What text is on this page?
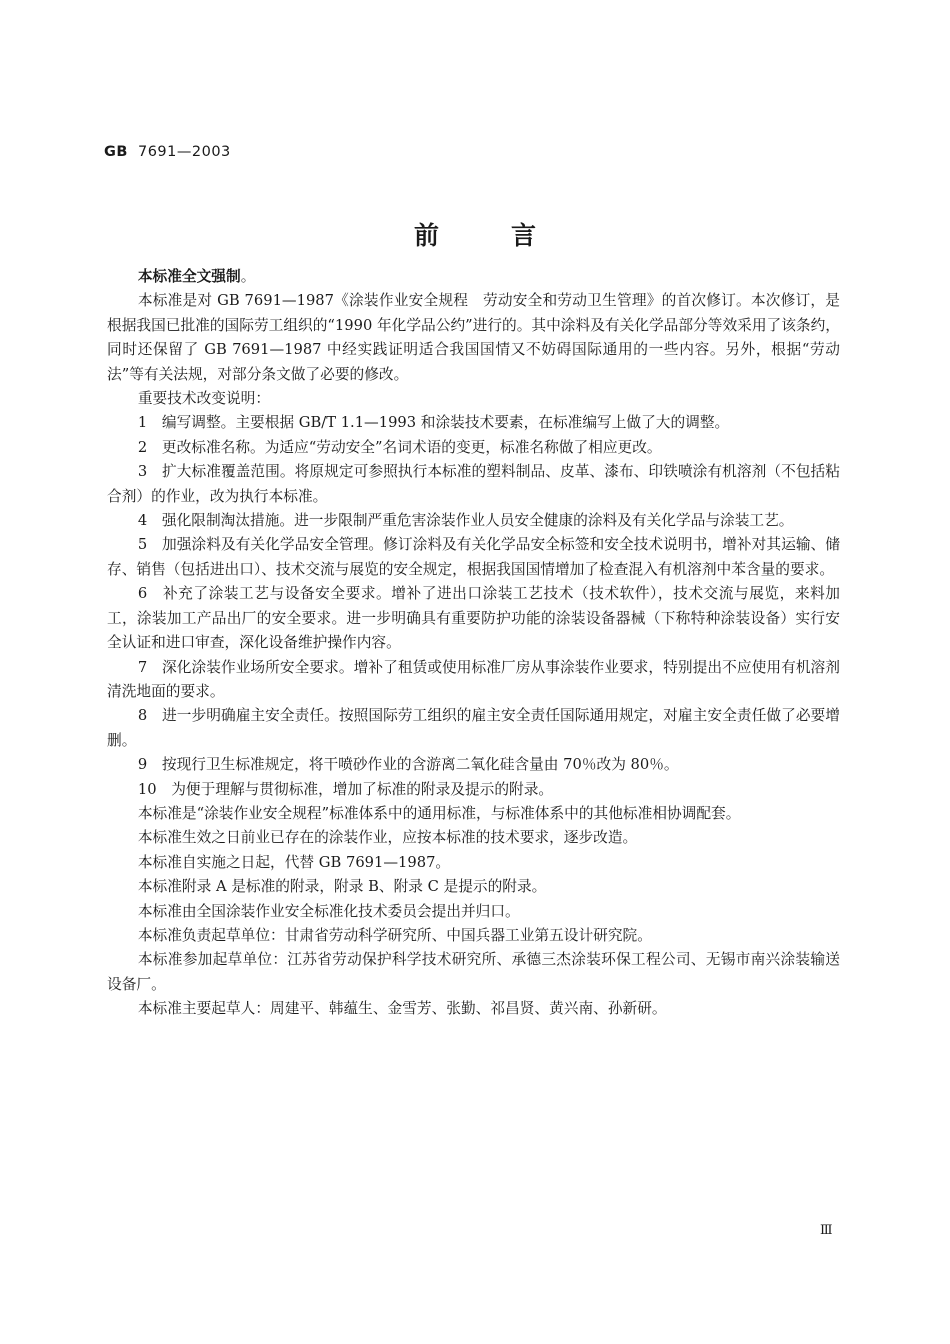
GB 7691—2003
前言

本标准全文强制。

本标准是对 GB 7691—1987《涂装作业安全规程　劳动安全和劳动卫生管理》的首次修订。本次修订，是根据我国已批准的国际劳工组织的“1990 年化学品公约”进行的。其中涂料及有关化学品部分等效采用了该条约，同时还保留了 GB 7691—1987 中经实践证明适合我国国情又不妨碍国际通用的一些内容。另外，根据“劳动法”等有关法规，对部分条文做了必要的修改。

重要技术改变说明：

1　编写调整。主要根据 GB/T 1.1—1993 和涂装技术要素，在标准编写上做了大的调整。

2　更改标准名称。为适应“劳动安全”名词术语的变更，标准名称做了相应更改。

3　扩大标准覆盖范围。将原规定可参照执行本标准的塑料制品、皮革、漆布、印铁喷涂有机溶剂（不包括粘合剂）的作业，改为执行本标准。

4　强化限制淘汰措施。进一步限制严重危害涂装作业人员安全健康的涂料及有关化学品与涂装工艺。

5　加强涂料及有关化学品安全管理。修订涂料及有关化学品安全标签和安全技术说明书，增补对其运输、储存、销售（包括进出口）、技术交流与展览的安全规定，根据我国国情增加了检查混入有机溶剂中苯含量的要求。

6　补充了涂装工艺与设备安全要求。增补了进出口涂装工艺技术（技术软件），技术交流与展览，来料加工，涂装加工产品出厂的安全要求。进一步明确具有重要防护功能的涂装设备器械（下称特种涂装设备）实行安全认证和进口审查，深化设备维护操作内容。

7　深化涂装作业场所安全要求。增补了租赁或使用标准厂房从事涂装作业要求，特别提出不应使用有机溶剂清洗地面的要求。

8　进一步明确雇主安全责任。按照国际劳工组织的雇主安全责任国际通用规定，对雇主安全责任做了必要增删。

9　按现行卫生标准规定，将干喷砂作业的含游离二氧化硅含量由 70％改为 80％。

10　为便于理解与贯彻标准，增加了标准的附录及提示的附录。

本标准是“涂装作业安全规程”标准体系中的通用标准，与标准体系中的其他标准相协调配套。

本标准生效之日前业已存在的涂装作业，应按本标准的技术要求，逐步改造。

本标准自实施之日起，代替 GB 7691—1987。

本标准附录 A 是标准的附录，附录 B、附录 C 是提示的附录。

本标准由全国涂装作业安全标准化技术委员会提出并归口。

本标准负责起草单位：甘肃省劳动科学研究所、中国兵器工业第五设计研究院。

本标准参加起草单位：江苏省劳动保护科学技术研究所、承德三杰涂装环保工程公司、无锡市南兴涂装输送设备厂。

本标准主要起草人：周建平、韩蕴生、金雪芳、张勤、祁昌贤、黄兴南、孙新研。

Ⅲ
